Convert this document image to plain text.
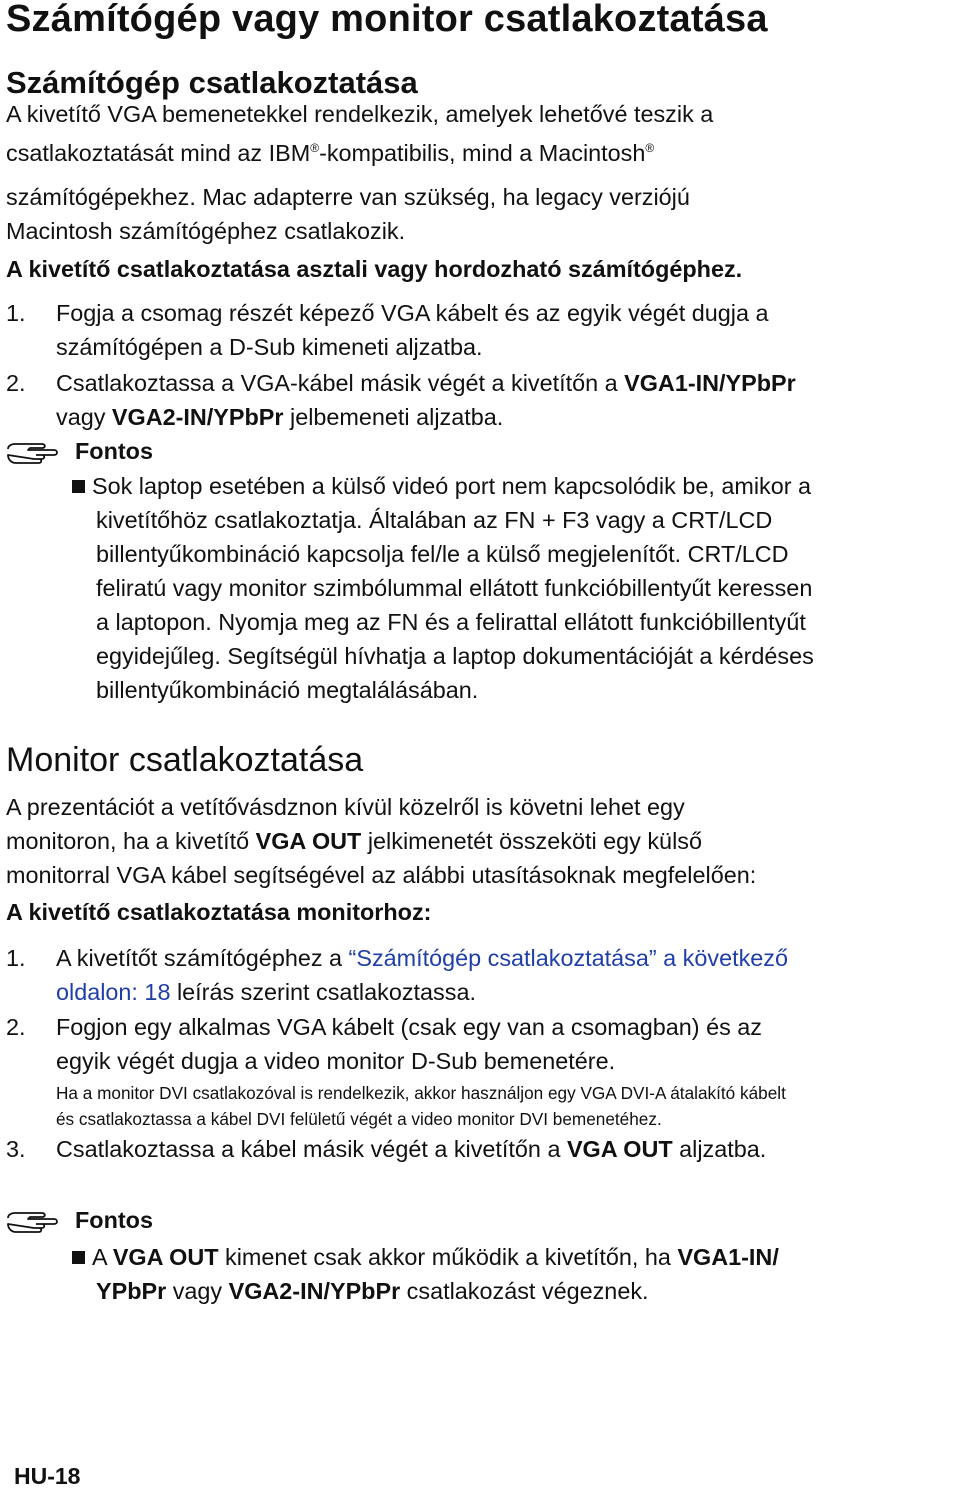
Számítógép vagy monitor csatlakoztatása
Számítógép csatlakoztatása
A kivetítő VGA bemenetekkel rendelkezik, amelyek lehetővé teszik a
csatlakoztatását mind az IBM®-kompatibilis, mind a Macintosh®
számítógépekhez. Mac adapterre van szükség, ha legacy verziójú
Macintosh számítógéphez csatlakozik.
A kivetítő csatlakoztatása asztali vagy hordozható számítógéphez.
1. Fogja a csomag részét képező VGA kábelt és az egyik végét dugja a
számítógépen a D-Sub kimeneti aljzatba.
2. Csatlakoztassa a VGA-kábel másik végét a kivetítőn a VGA1-IN/YPbPr
vagy VGA2-IN/YPbPr jelbemeneti aljzatba.
Fontos
Sok laptop esetében a külső videó port nem kapcsolódik be, amikor a
kivetítőhöz csatlakoztatja. Általában az FN + F3 vagy a CRT/LCD
billentyűkombináció kapcsolja fel/le a külső megjelenítőt. CRT/LCD
feliratú vagy monitor szimbólummal ellátott funkcióbillentyűt keressen
a laptopon. Nyomja meg az FN és a felirattal ellátott funkcióbillentyűt
egyidejűleg. Segítségül hívhatja a laptop dokumentációját a kérdéses
billentyűkombináció megtalálásában.
Monitor csatlakoztatása
A prezentációt a vetítővásdznon kívül közelről is követni lehet egy
monitoron, ha a kivetítő VGA OUT jelkimenetét összeköti egy külső
monitorral VGA kábel segítségével az alábbi utasításoknak megfelelően:
A kivetítő csatlakoztatása monitorhoz:
1. A kivetítőt számítógéphez a “Számítógép csatlakoztatása” a következő
oldalon: 18 leírás szerint csatlakoztassa.
2. Fogjon egy alkalmas VGA kábelt (csak egy van a csomagban) és az
egyik végét dugja a video monitor D-Sub bemenetére.
Ha a monitor DVI csatlakozóval is rendelkezik, akkor használjon egy VGA DVI-A átalakító kábelt
és csatlakoztassa a kábel DVI felületű végét a video monitor DVI bemenetéhez.
3. Csatlakoztassa a kábel másik végét a kivetítőn a VGA OUT aljzatba.
Fontos
A VGA OUT kimenet csak akkor működik a kivetítőn, ha VGA1-IN/
YPbPr vagy VGA2-IN/YPbPr csatlakozást végeznek.
HU-18
